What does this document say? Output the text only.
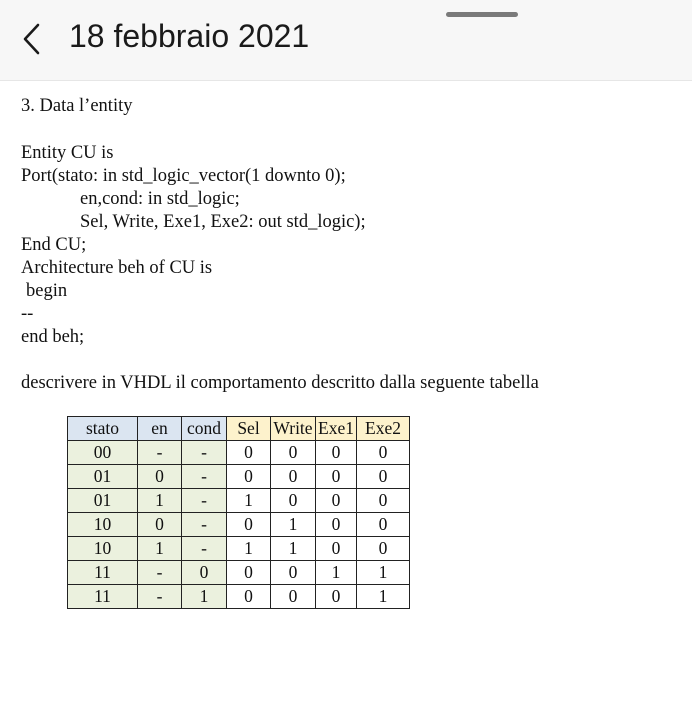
18 febbraio 2021
3. Data l’entity
Entity CU is
Port(stato: in std_logic_vector(1 downto 0);
en,cond: in std_logic;
Sel, Write, Exe1, Exe2: out std_logic);
End CU;
Architecture beh of CU is
begin
--
end beh;
descrivere in VHDL il comportamento descritto dalla seguente tabella
stato	en	cond	Sel	Write	Exe1	Exe2
00	-	-	0	0	0	0
01	0	-	0	0	0	0
01	1	-	1	0	0	0
10	0	-	0	1	0	0
10	1	-	1	1	0	0
11	-	0	0	0	1	1
11	-	1	0	0	0	1
